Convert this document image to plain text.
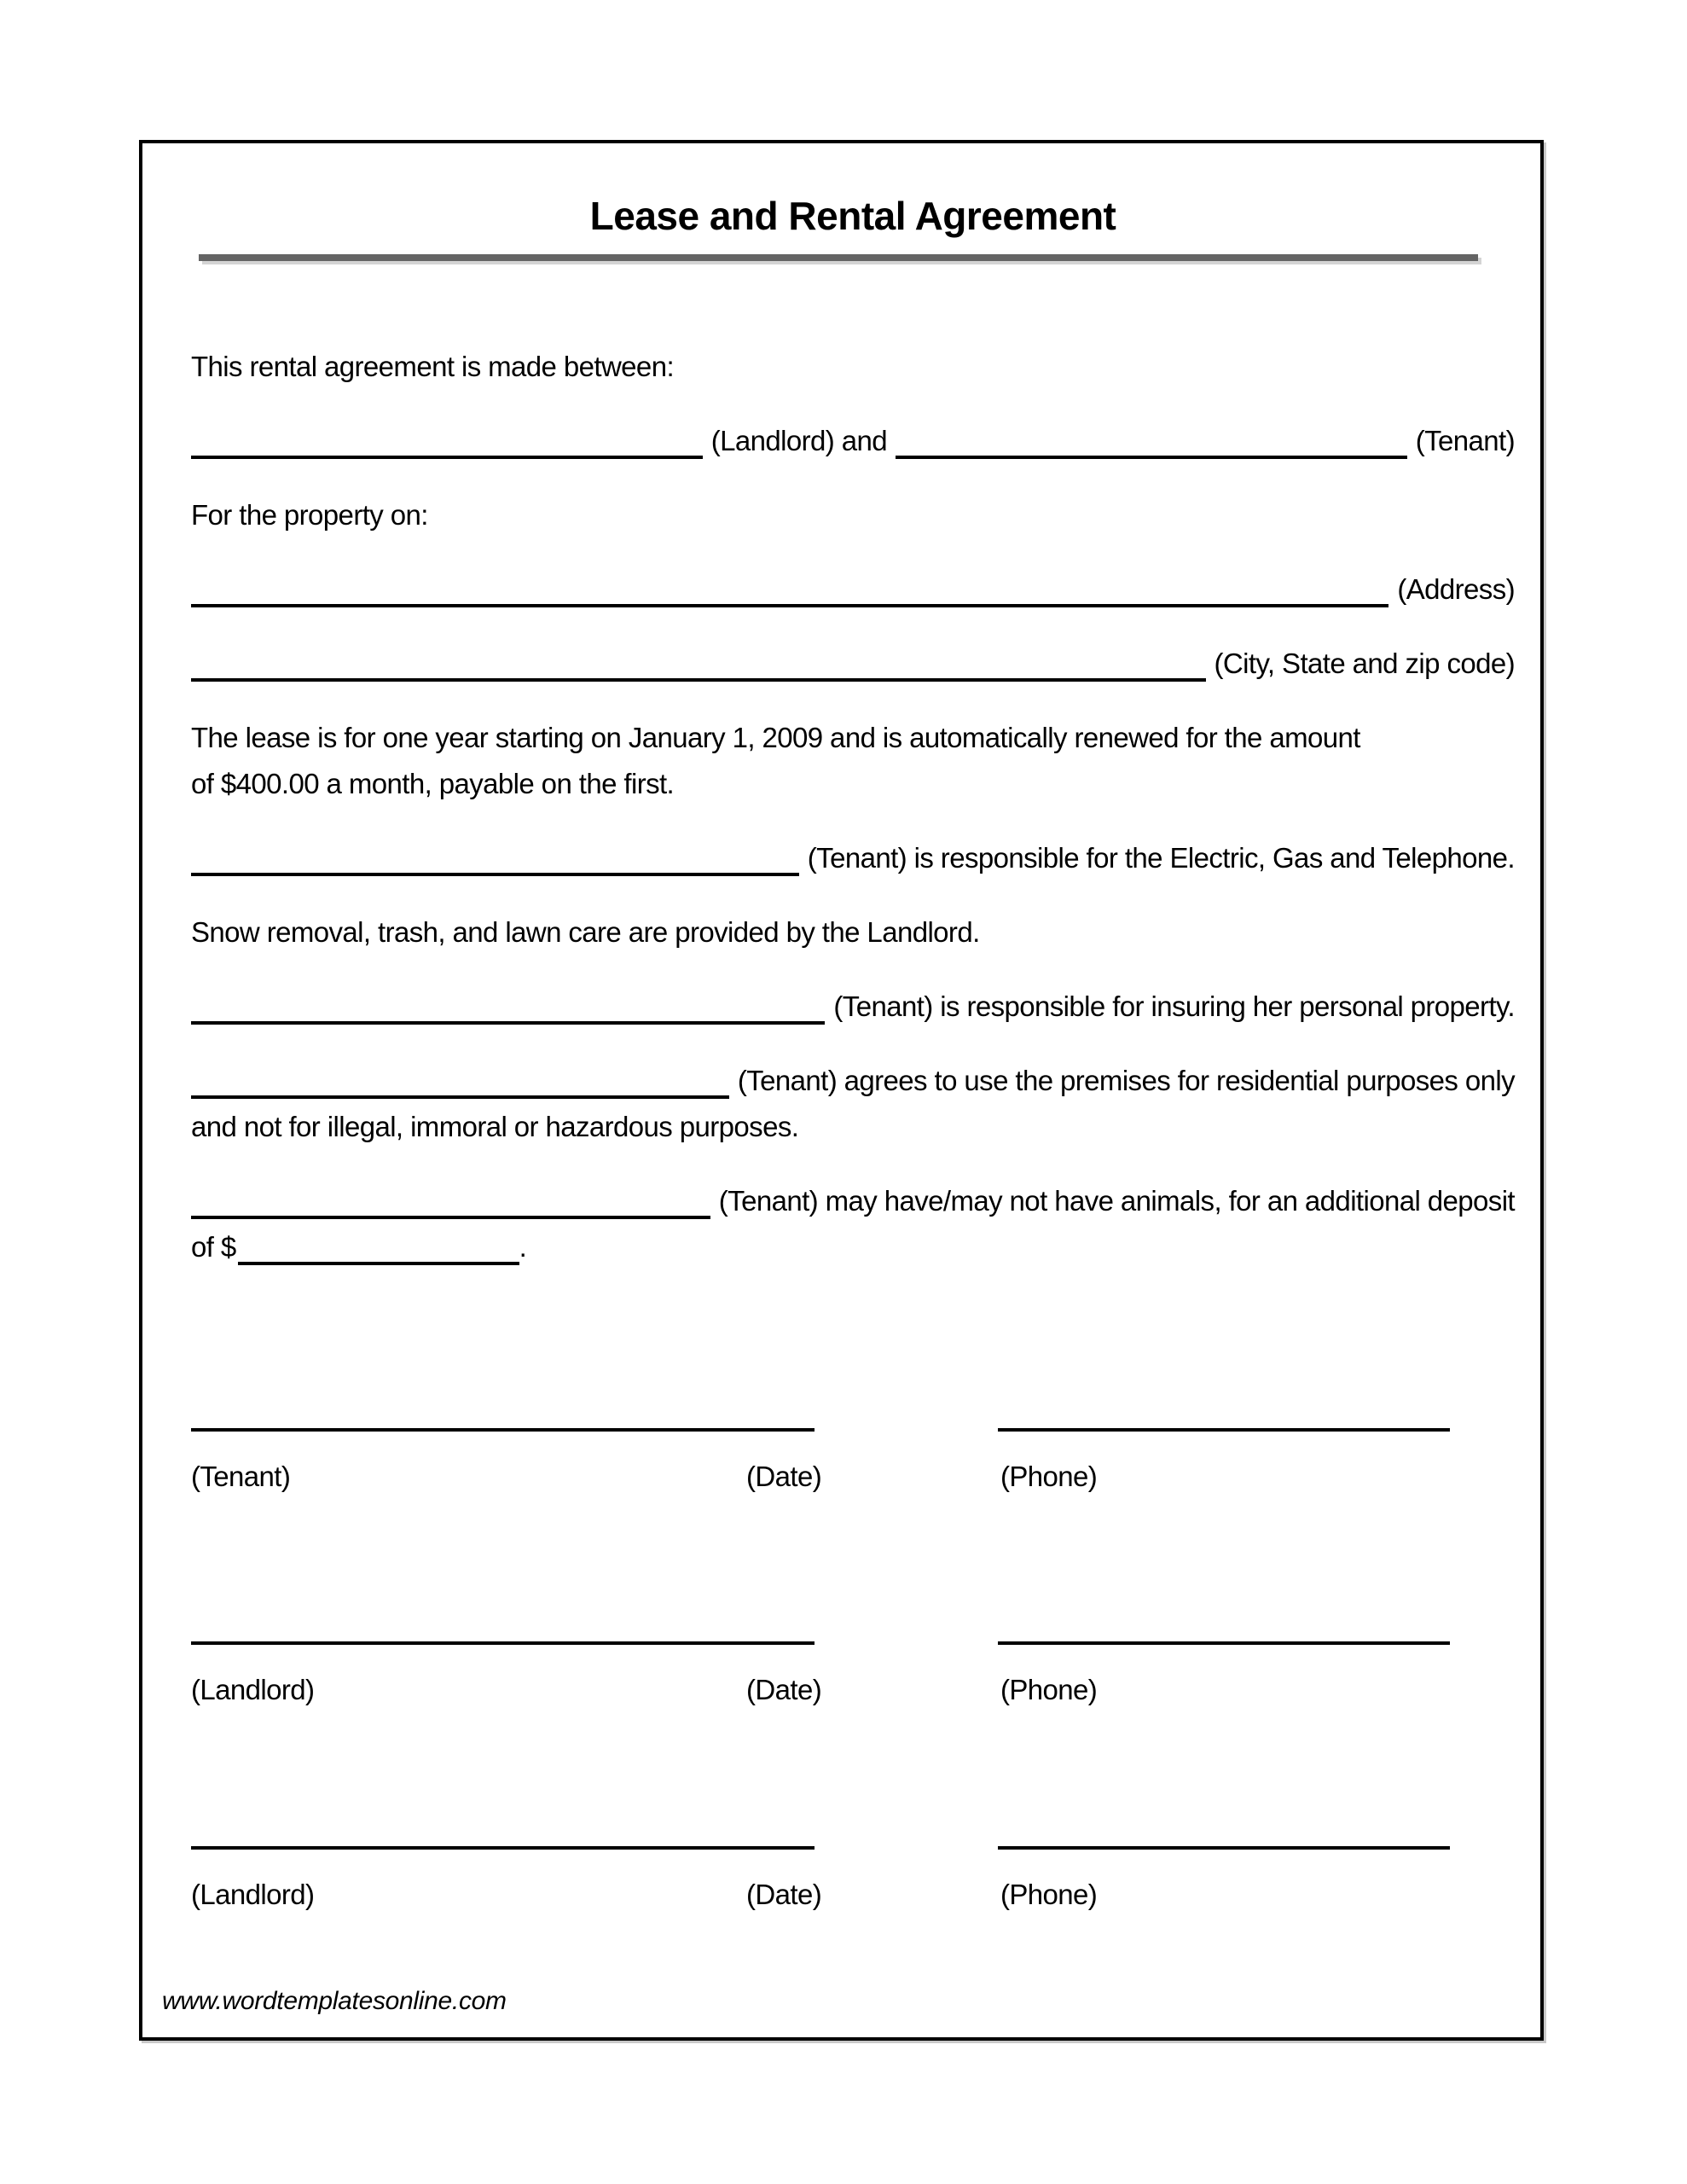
Lease and Rental Agreement

This rental agreement is made between:

(Landlord) and	(Tenant)

For the property on:

(Address)
(City, State and zip code)
The lease is for one year starting on January 1, 2009 and is automatically renewed for the amount
of $400.00 a month, payable on the first.
(Tenant) is responsible for the Electric, Gas and Telephone.

Snow removal, trash, and lawn care are provided by the Landlord.

(Tenant) is responsible for insuring her personal property.
(Tenant) agrees to use the premises for residential purposes only
and not for illegal, immoral or hazardous purposes.
(Tenant) may have/may not have animals, for an additional deposit
of $	.
(Tenant)	(Date)	(Phone)
(Landlord)	(Date)	(Phone)
(Landlord)	(Date)	(Phone)
www.wordtemplatesonline.com
